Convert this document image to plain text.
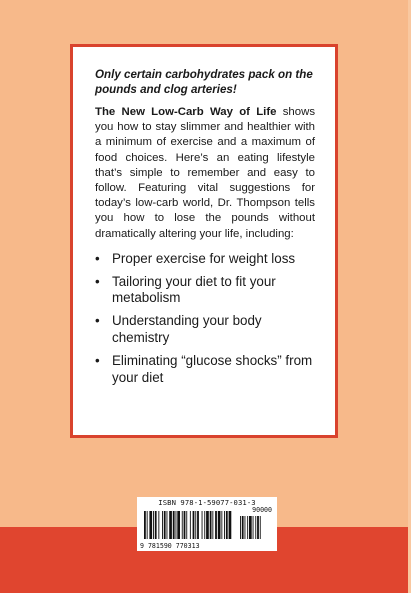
Only certain carbohydrates pack on the pounds and clog arteries!

The New Low-Carb Way of Life shows you how to stay slimmer and healthier with a minimum of exercise and a maximum of food choices. Here’s an eating lifestyle that’s simple to remember and easy to follow. Featuring vital suggestions for today’s low-carb world, Dr. Thompson tells you how to lose the pounds without dramatically altering your life, including:

• Proper exercise for weight loss
• Tailoring your diet to fit your metabolism
• Understanding your body chemistry
• Eliminating “glucose shocks” from your diet
ISBN 978-1-59077-031-3
90000
9 781590 770313
